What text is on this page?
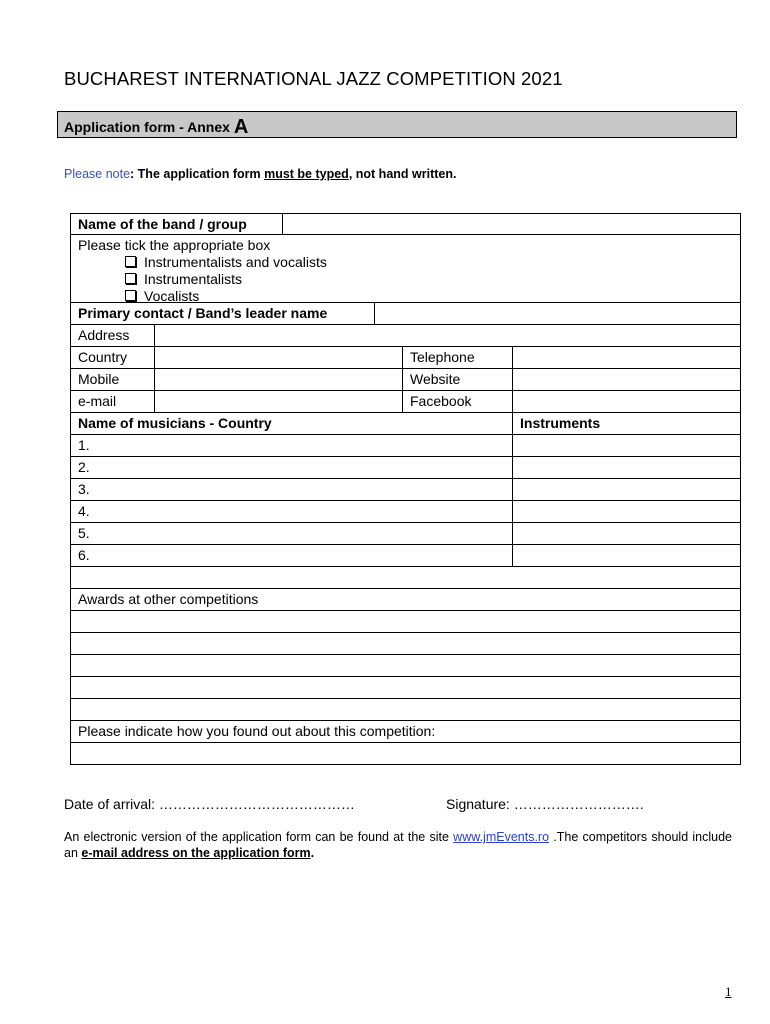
BUCHAREST INTERNATIONAL JAZZ COMPETITION 2021
Application form - Annex A
Please note: The application form must be typed, not hand written.
Name of the band / group
Please tick the appropriate box
Instrumentalists and vocalists
Instrumentalists
Vocalists
Primary contact / Band’s leader name
Address
Country	Telephone
Mobile	Website
e-mail	Facebook
Name of musicians - Country	Instruments
1.
2.
3.
4.
5.
6.
Awards at other competitions
Please indicate how you found out about this competition:
Date of arrival: ……………………………………	Signature: ……………………….
An electronic version of the application form can be found at the site www.jmEvents.ro .The competitors should include an e-mail address on the application form.
1
